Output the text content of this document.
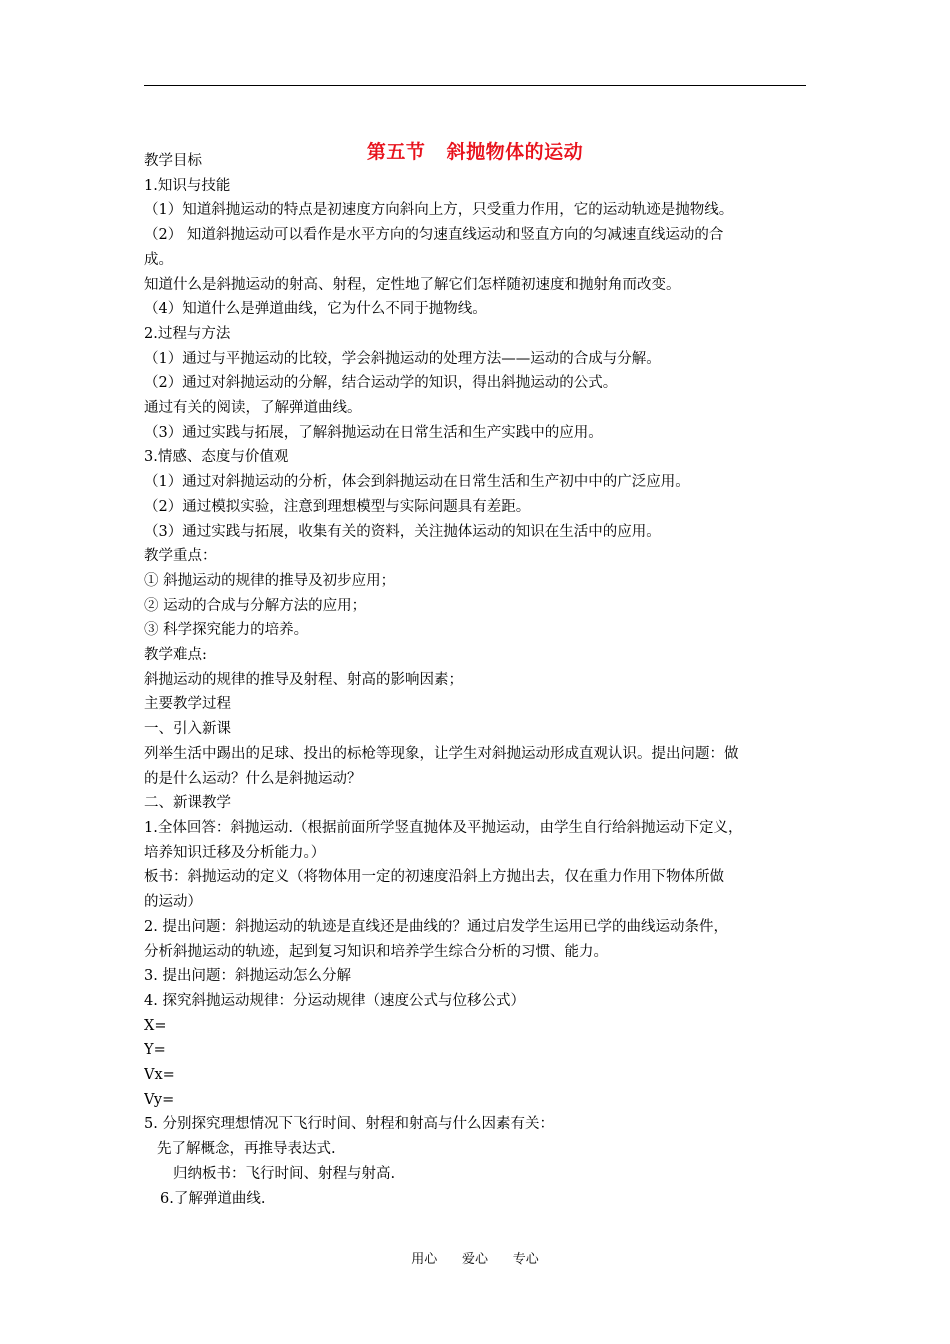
第五节   斜抛物体的运动

教学目标

1.知识与技能

（1）知道斜抛运动的特点是初速度方向斜向上方，只受重力作用，它的运动轨迹是抛物线。

（2） 知道斜抛运动可以看作是水平方向的匀速直线运动和竖直方向的匀减速直线运动的合

成。

知道什么是斜抛运动的射高、射程，定性地了解它们怎样随初速度和抛射角而改变。

（4）知道什么是弹道曲线，它为什么不同于抛物线。

2.过程与方法

（1）通过与平抛运动的比较，学会斜抛运动的处理方法——运动的合成与分解。

（2）通过对斜抛运动的分解，结合运动学的知识，得出斜抛运动的公式。

通过有关的阅读，了解弹道曲线。

（3）通过实践与拓展，了解斜抛运动在日常生活和生产实践中的应用。

3.情感、态度与价值观

（1）通过对斜抛运动的分析，体会到斜抛运动在日常生活和生产初中中的广泛应用。

（2）通过模拟实验，注意到理想模型与实际问题具有差距。

（3）通过实践与拓展，收集有关的资料，关注抛体运动的知识在生活中的应用。

教学重点：

① 斜抛运动的规律的推导及初步应用；

② 运动的合成与分解方法的应用；

③ 科学探究能力的培养。

教学难点:

斜抛运动的规律的推导及射程、射高的影响因素；

主要教学过程

一、引入新课

列举生活中踢出的足球、投出的标枪等现象，让学生对斜抛运动形成直观认识。提出问题：做

的是什么运动？什么是斜抛运动？

二、新课教学

1.全体回答：斜抛运动.（根据前面所学竖直抛体及平抛运动，由学生自行给斜抛运动下定义，

培养知识迁移及分析能力。）

板书：斜抛运动的定义（将物体用一定的初速度沿斜上方抛出去，仅在重力作用下物体所做

的运动）

2. 提出问题：斜抛运动的轨迹是直线还是曲线的？通过启发学生运用已学的曲线运动条件，

分析斜抛运动的轨迹，起到复习知识和培养学生综合分析的习惯、能力。

3. 提出问题：斜抛运动怎么分解

4. 探究斜抛运动规律：分运动规律（速度公式与位移公式）

X=

Y=

Vx=

Vy=

5. 分别探究理想情况下飞行时间、射程和射高与什么因素有关：

先了解概念，再推导表达式.

归纳板书：飞行时间、射程与射高.

6.了解弹道曲线.

用心      爱心      专心
